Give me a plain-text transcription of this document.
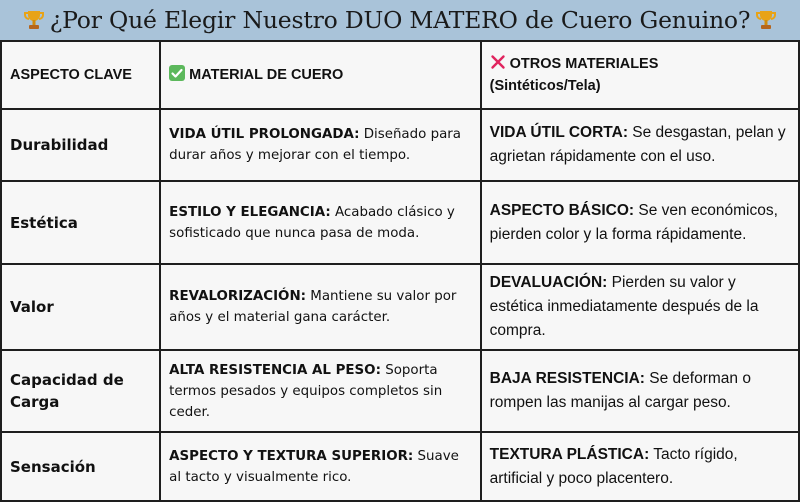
¿Por Qué Elegir Nuestro DUO MATERO de Cuero Genuino?
ASPECTO CLAVE	MATERIAL DE CUERO	OTROS MATERIALES
(Sintéticos/Tela)
Durabilidad	VIDA ÚTIL PROLONGADA: Diseñado para durar años y mejorar con el tiempo.	VIDA ÚTIL CORTA: Se desgastan, pelan y agrietan rápidamente con el uso.
Estética	ESTILO Y ELEGANCIA: Acabado clásico y sofisticado que nunca pasa de moda.	ASPECTO BÁSICO: Se ven económicos, pierden color y la forma rápidamente.
Valor	REVALORIZACIÓN: Mantiene su valor por años y el material gana carácter.	DEVALUACIÓN: Pierden su valor y estética inmediatamente después de la compra.
Capacidad de Carga	ALTA RESISTENCIA AL PESO: Soporta termos pesados y equipos completos sin ceder.	BAJA RESISTENCIA: Se deforman o rompen las manijas al cargar peso.
Sensación	ASPECTO Y TEXTURA SUPERIOR: Suave al tacto y visualmente rico.	TEXTURA PLÁSTICA: Tacto rígido, artificial y poco placentero.
